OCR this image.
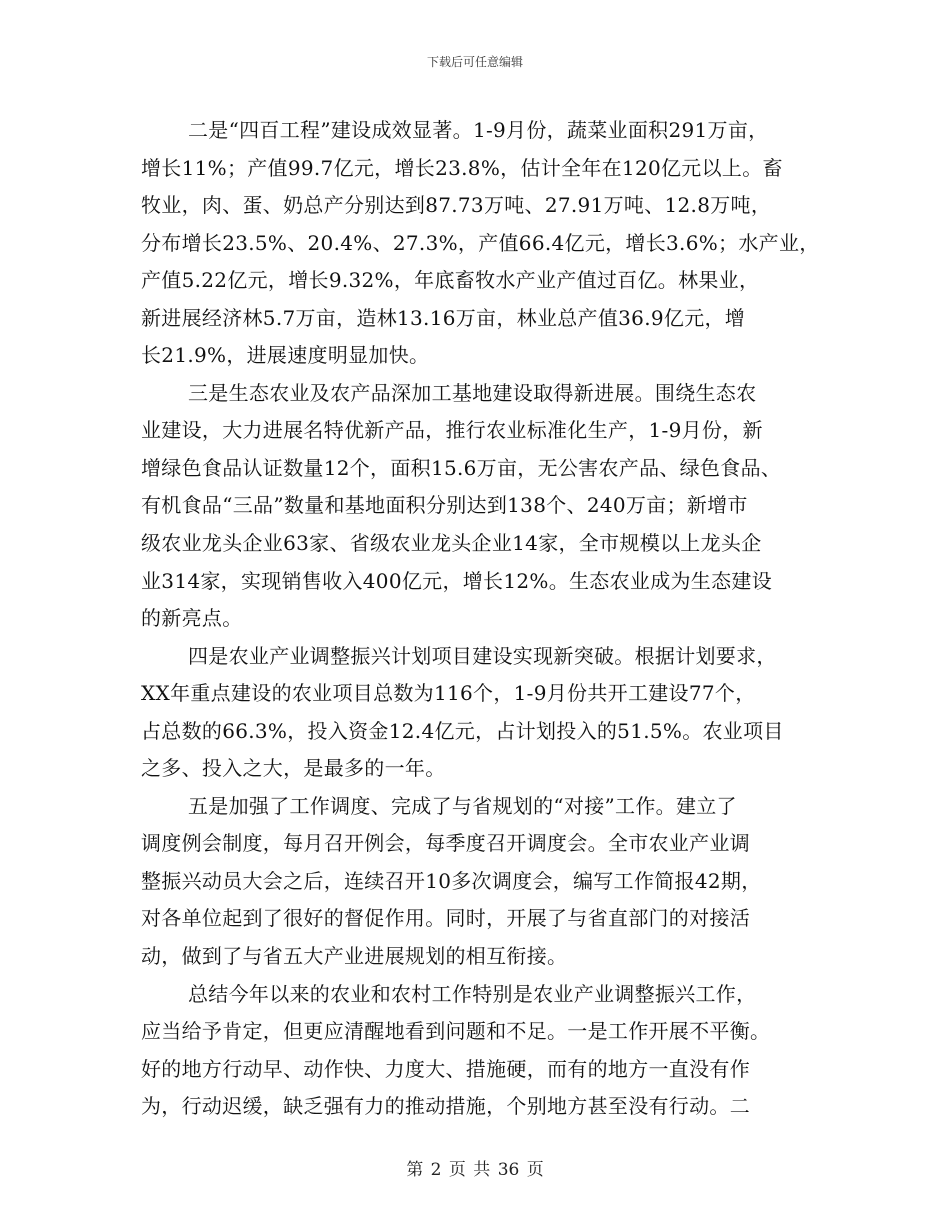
下载后可任意编辑
二是“四百工程”建设成效显著。1-9月份，蔬菜业面积291万亩，
增长11%；产值99.7亿元，增长23.8%，估计全年在120亿元以上。畜
牧业，肉、蛋、奶总产分别达到87.73万吨、27.91万吨、12.8万吨，
分布增长23.5%、20.4%、27.3%，产值66.4亿元，增长3.6%；水产业，
产值5.22亿元，增长9.32%，年底畜牧水产业产值过百亿。林果业，
新进展经济林5.7万亩，造林13.16万亩，林业总产值36.9亿元，增
长21.9%，进展速度明显加快。
三是生态农业及农产品深加工基地建设取得新进展。围绕生态农
业建设，大力进展名特优新产品，推行农业标准化生产，1-9月份，新
增绿色食品认证数量12个，面积15.6万亩，无公害农产品、绿色食品、
有机食品“三品”数量和基地面积分别达到138个、240万亩；新增市
级农业龙头企业63家、省级农业龙头企业14家，全市规模以上龙头企
业314家，实现销售收入400亿元，增长12%。生态农业成为生态建设
的新亮点。
四是农业产业调整振兴计划项目建设实现新突破。根据计划要求，
XX年重点建设的农业项目总数为116个，1-9月份共开工建设77个，
占总数的66.3%，投入资金12.4亿元，占计划投入的51.5%。农业项目
之多、投入之大，是最多的一年。
五是加强了工作调度、完成了与省规划的“对接”工作。建立了
调度例会制度，每月召开例会，每季度召开调度会。全市农业产业调
整振兴动员大会之后，连续召开10多次调度会，编写工作简报42期，
对各单位起到了很好的督促作用。同时，开展了与省直部门的对接活
动，做到了与省五大产业进展规划的相互衔接。
总结今年以来的农业和农村工作特别是农业产业调整振兴工作，
应当给予肯定，但更应清醒地看到问题和不足。一是工作开展不平衡。
好的地方行动早、动作快、力度大、措施硬，而有的地方一直没有作
为，行动迟缓，缺乏强有力的推动措施，个别地方甚至没有行动。二
第 2 页 共 36 页
